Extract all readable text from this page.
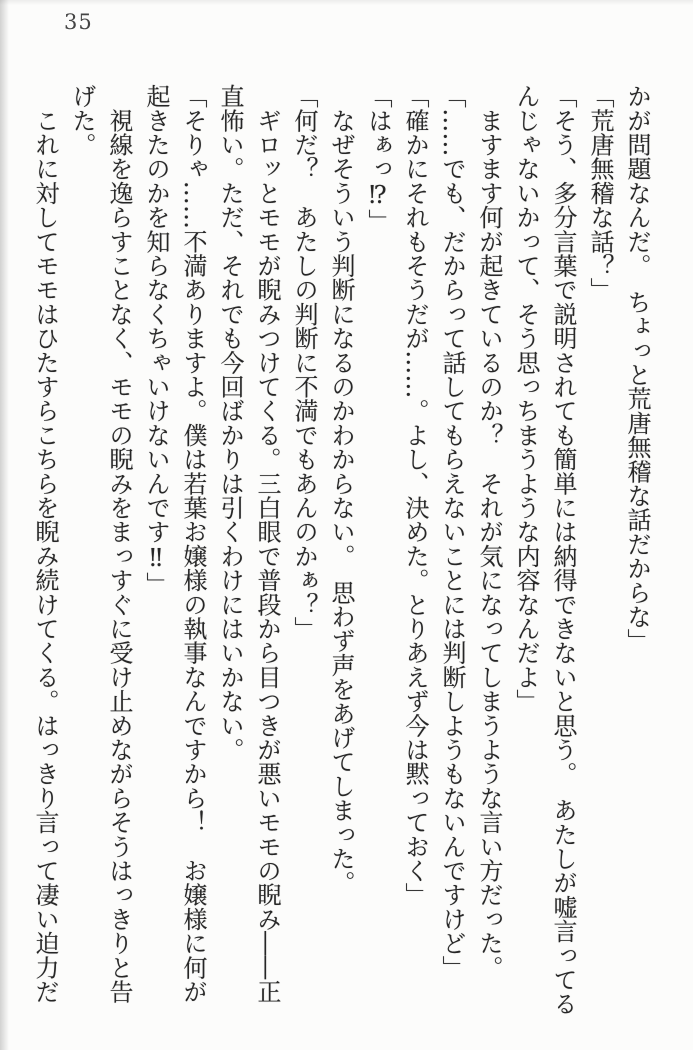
35
かが問題なんだ。　ちょっと荒唐無稽な話だからな」
「荒唐無稽な話？」
「そう、多分言葉で説明されても簡単には納得できないと思う。　あたしが嘘言ってる
んじゃないかって、そう思っちまうような内容なんだよ」
　ますます何が起きているのか？　それが気になってしまうような言い方だった。
「……でも、だからって話してもらえないことには判断しようもないんですけど」
「確かにそれもそうだが……。よし、決めた。とりあえず今は黙っておく」
「はぁっ⁉」
　なぜそういう判断になるのかわからない。　思わず声をあげてしまった。
「何だ？　あたしの判断に不満でもあんのかぁ？」
　ギロッとモモが睨みつけてくる。三白眼で普段から目つきが悪いモモの睨み――正
直怖い。ただ、それでも今回ばかりは引くわけにはいかない。
「そりゃ……不満ありますよ。僕は若葉お嬢様の執事なんですから！　お嬢様に何が
起きたのかを知らなくちゃいけないんです‼」
　視線を逸らすことなく、モモの睨みをまっすぐに受け止めながらそうはっきりと告
げた。
　これに対してモモはひたすらこちらを睨み続けてくる。はっきり言って凄い迫力だ
